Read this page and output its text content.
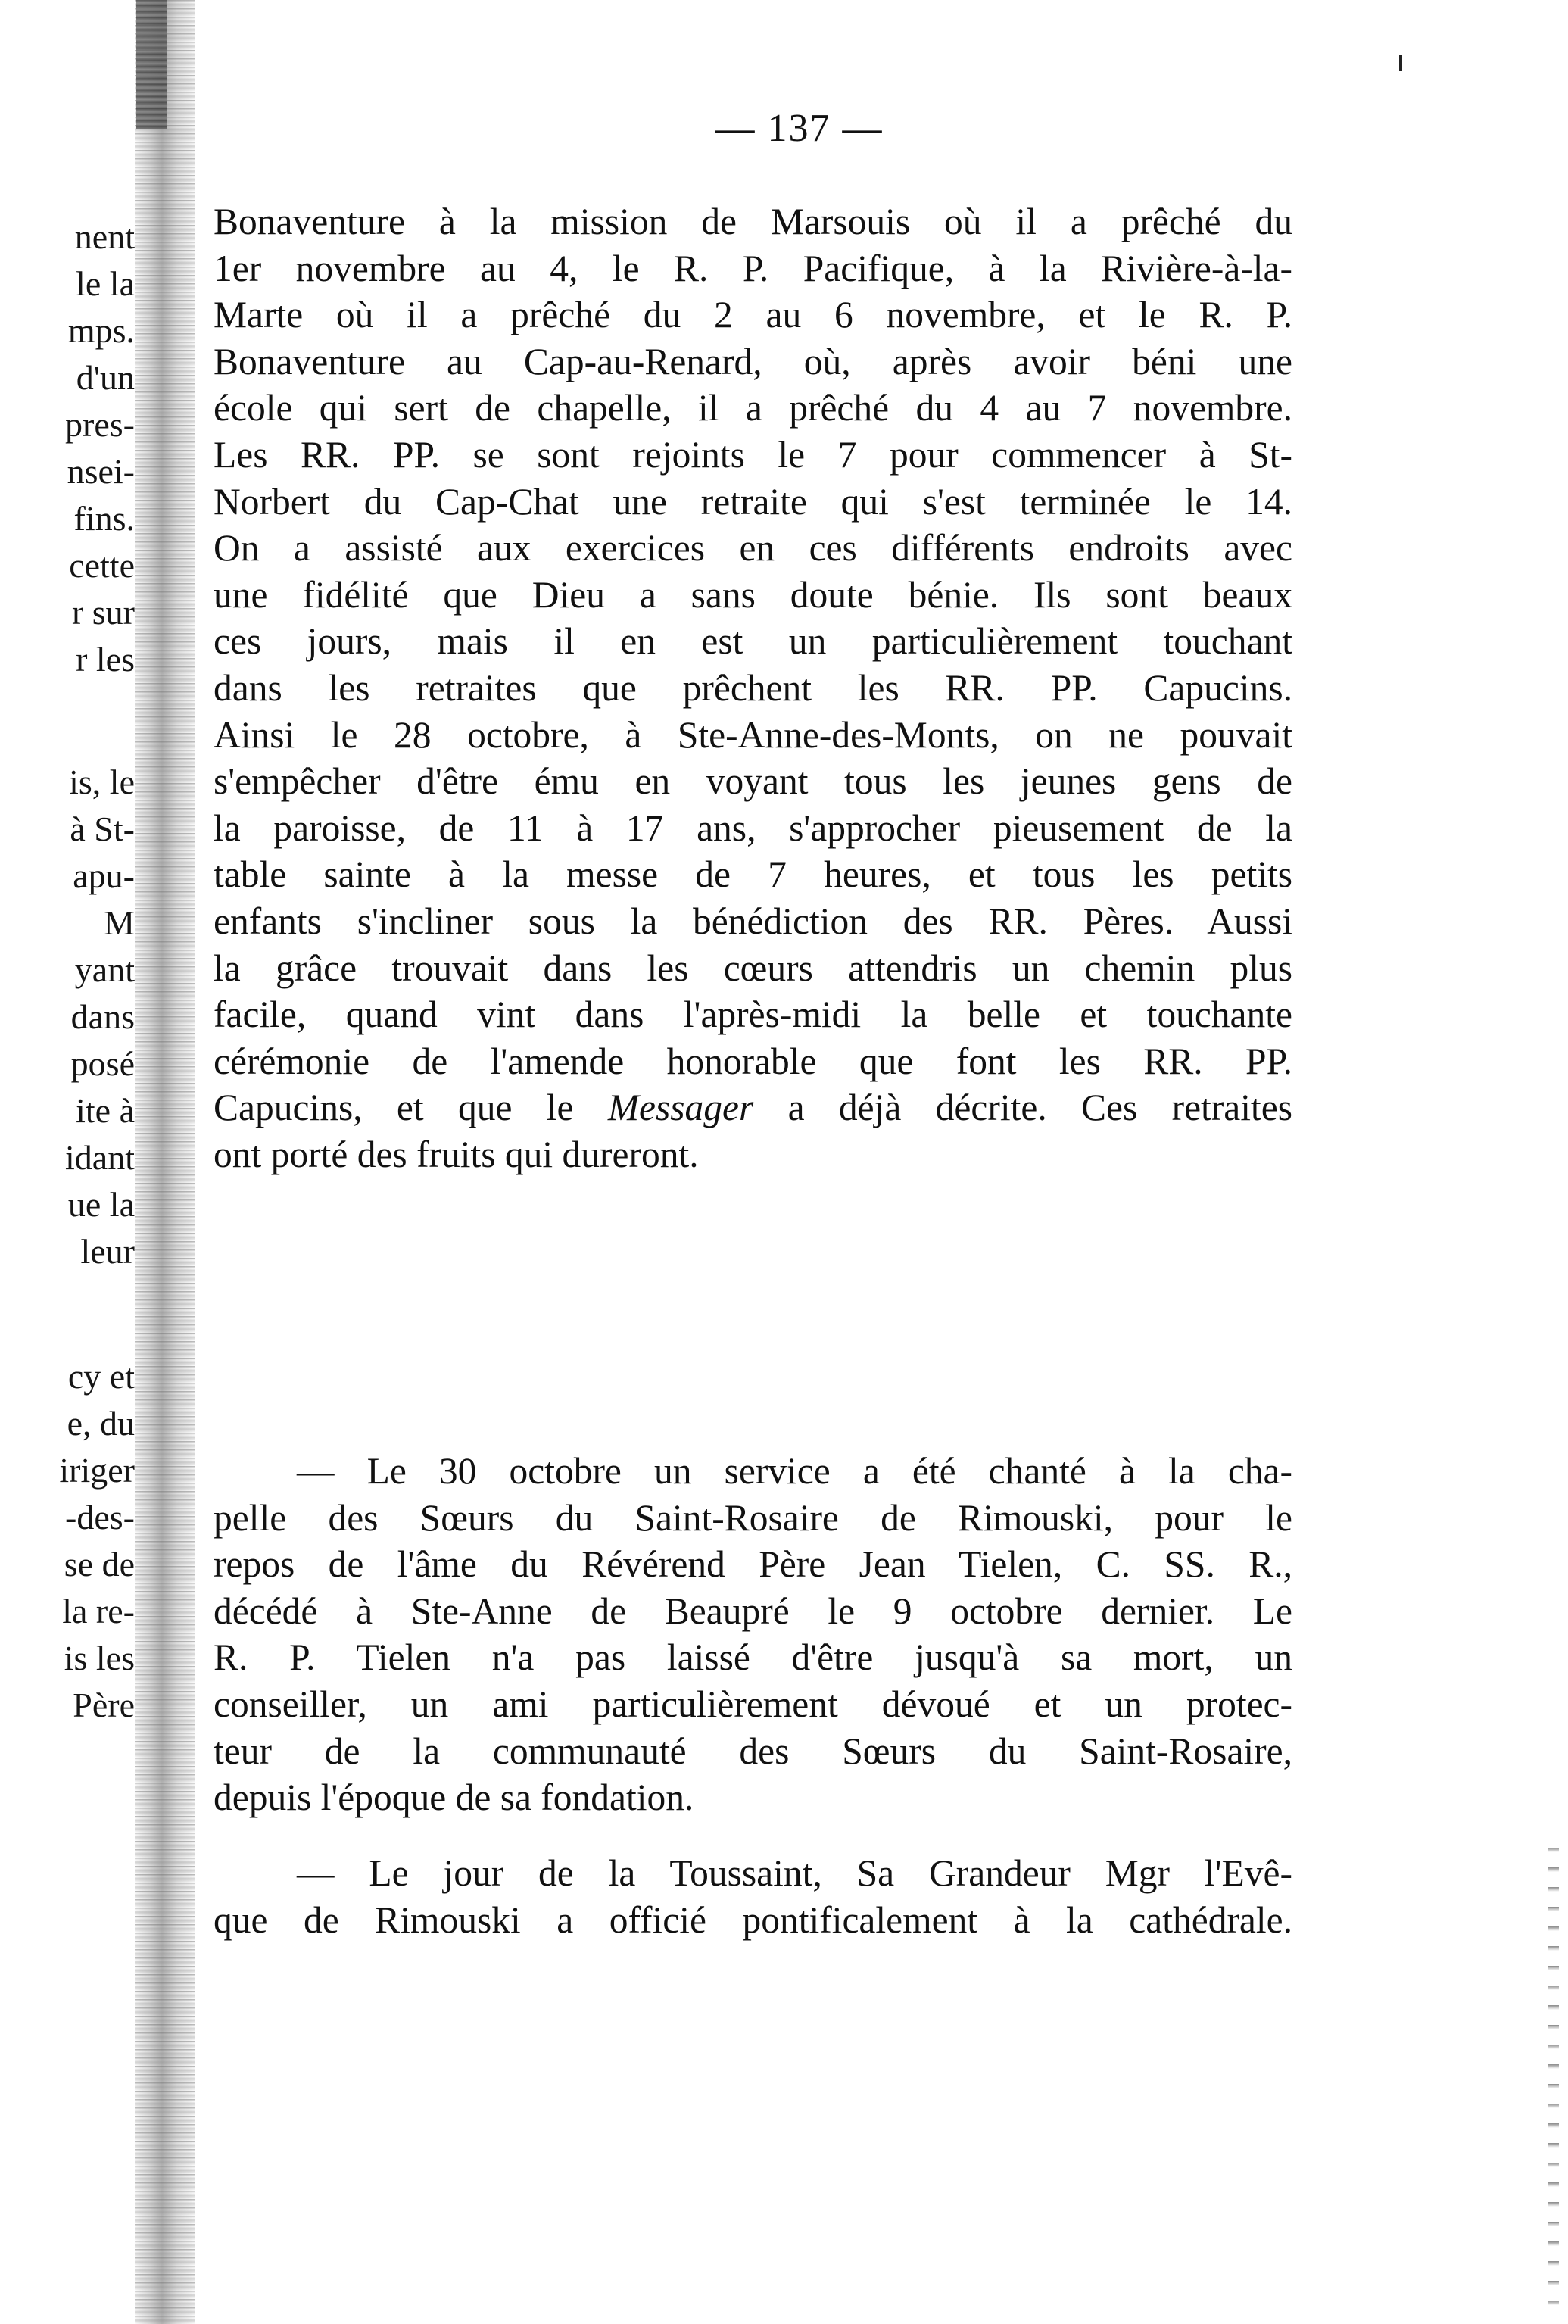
nent
le la
mps.
d'un
pres-
nsei-
fins.
cette
r sur
r les
is, le
à St-
apu-
M
yant
dans
posé
ite à
idant
ue la
leur
cy et
e, du
iriger
-des-
se de
la re-
is les
Père
— 137 —
Bonaventure à la mission de Marsouis où il a prêché du
1er novembre au 4, le R. P. Pacifique, à la Rivière-à-la-
Marte où il a prêché du 2 au 6 novembre, et le R. P.
Bonaventure au Cap-au-Renard, où, après avoir béni une
école qui sert de chapelle, il a prêché du 4 au 7 novembre.
Les RR. PP. se sont rejoints le 7 pour commencer à St-
Norbert du Cap-Chat une retraite qui s'est terminée le 14.
On a assisté aux exercices en ces différents endroits avec
une fidélité que Dieu a sans doute bénie. Ils sont beaux
ces jours, mais il en est un particulièrement touchant
dans les retraites que prêchent les RR. PP. Capucins.
Ainsi le 28 octobre, à Ste-Anne-des-Monts, on ne pouvait
s'empêcher d'être ému en voyant tous les jeunes gens de
la paroisse, de 11 à 17 ans, s'approcher pieusement de la
table sainte à la messe de 7 heures, et tous les petits
enfants s'incliner sous la bénédiction des RR. Pères. Aussi
la grâce trouvait dans les cœurs attendris un chemin plus
facile, quand vint dans l'après-midi la belle et touchante
cérémonie de l'amende honorable que font les RR. PP.
Capucins, et que le Messager a déjà décrite. Ces retraites
ont porté des fruits qui dureront.
— Le 30 octobre un service a été chanté à la cha-
pelle des Sœurs du Saint-Rosaire de Rimouski, pour le
repos de l'âme du Révérend Père Jean Tielen, C. SS. R.,
décédé à Ste-Anne de Beaupré le 9 octobre dernier. Le
R. P. Tielen n'a pas laissé d'être jusqu'à sa mort, un
conseiller, un ami particulièrement dévoué et un protec-
teur de la communauté des Sœurs du Saint-Rosaire,
depuis l'époque de sa fondation.
— Le jour de la Toussaint, Sa Grandeur Mgr l'Evê-
que de Rimouski a officié pontificalement à la cathédrale.
